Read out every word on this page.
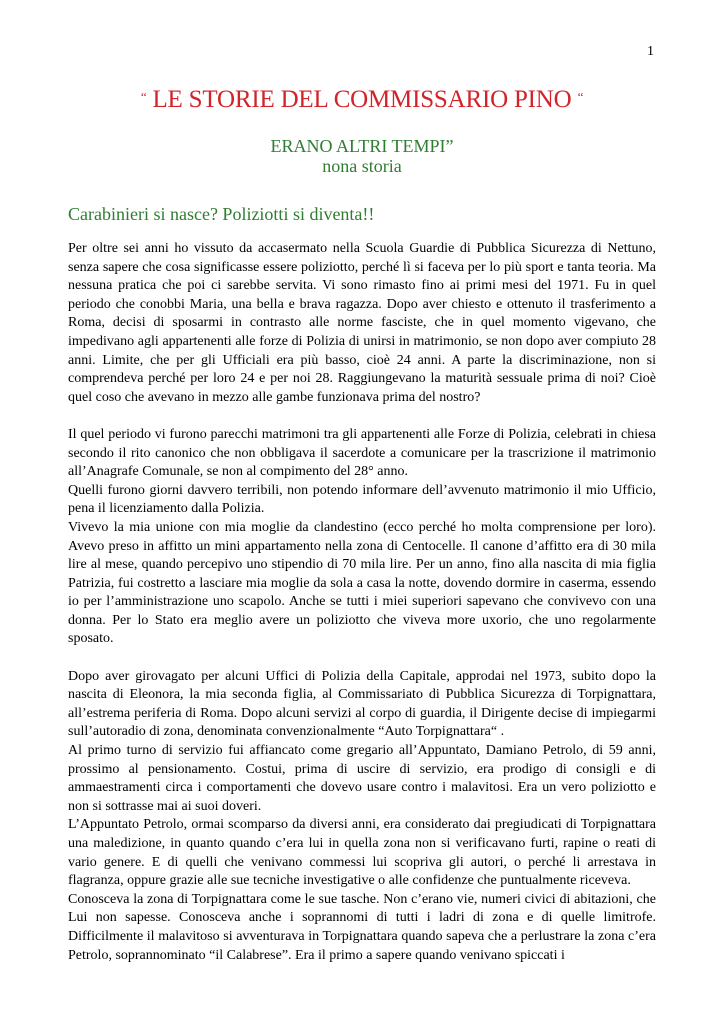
1
“ LE STORIE DEL COMMISSARIO PINO “
ERANO ALTRI TEMPI”
nona storia
Carabinieri si nasce? Poliziotti si diventa!!

Per oltre sei anni ho vissuto da accasermato nella Scuola Guardie di Pubblica Sicurezza di Nettuno, senza sapere che cosa significasse essere poliziotto, perché lì si faceva per lo più sport e tanta teoria. Ma nessuna pratica che poi ci sarebbe servita. Vi sono rimasto fino ai primi mesi del 1971. Fu in quel periodo che conobbi Maria, una bella e brava ragazza. Dopo aver chiesto e ottenuto il trasferimento a Roma, decisi di sposarmi in contrasto alle norme fasciste, che in quel momento vigevano, che impedivano agli appartenenti alle forze di Polizia di unirsi in matrimonio, se non dopo aver compiuto 28 anni. Limite, che per gli Ufficiali era più basso, cioè 24 anni. A parte la discriminazione, non si comprendeva perché per loro 24 e per noi 28. Raggiungevano la maturità sessuale prima di noi? Cioè quel coso che avevano in mezzo alle gambe funzionava prima del nostro?

Il quel periodo vi furono parecchi matrimoni tra gli appartenenti alle Forze di Polizia, celebrati in chiesa secondo il rito canonico che non obbligava il sacerdote a comunicare per la trascrizione il matrimonio all’Anagrafe Comunale, se non al compimento del 28° anno.

Quelli furono giorni davvero terribili, non potendo informare dell’avvenuto matrimonio il mio Ufficio, pena il licenziamento dalla Polizia.

Vivevo la mia unione con mia moglie da clandestino (ecco perché ho molta comprensione per loro). Avevo preso in affitto un mini appartamento nella zona di Centocelle. Il canone d’affitto era di 30 mila lire al mese, quando percepivo uno stipendio di 70 mila lire. Per un anno, fino alla nascita di mia figlia Patrizia, fui costretto a lasciare mia moglie da sola a casa la notte, dovendo dormire in caserma, essendo io per l’amministrazione uno scapolo. Anche se tutti i miei superiori sapevano che convivevo con una donna. Per lo Stato era meglio avere un poliziotto che viveva more uxorio, che uno regolarmente sposato.

Dopo aver girovagato per alcuni Uffici di Polizia della Capitale, approdai nel 1973, subito dopo la nascita di Eleonora, la mia seconda figlia, al Commissariato di Pubblica Sicurezza di Torpignattara, all’estrema periferia di Roma. Dopo alcuni servizi al corpo di guardia, il Dirigente decise di impiegarmi sull’autoradio di zona, denominata convenzionalmente “Auto Torpignattara“ .

Al primo turno di servizio fui affiancato come gregario all’Appuntato, Damiano Petrolo, di 59 anni, prossimo al pensionamento. Costui, prima di uscire di servizio, era prodigo di consigli e di ammaestramenti circa i comportamenti che dovevo usare contro i malavitosi. Era un vero poliziotto e non si sottrasse mai ai suoi doveri.

L’Appuntato Petrolo, ormai scomparso da diversi anni, era considerato dai pregiudicati di Torpignattara una maledizione, in quanto quando c’era lui in quella zona non si verificavano furti, rapine o reati di vario genere. E di quelli che venivano commessi lui scopriva gli autori, o perché li arrestava in flagranza, oppure grazie alle sue tecniche investigative o alle confidenze che puntualmente riceveva.

Conosceva la zona di Torpignattara come le sue tasche. Non c’erano vie, numeri civici di abitazioni, che Lui non sapesse. Conosceva anche i soprannomi di tutti i ladri di zona e di quelle limitrofe. Difficilmente il malavitoso si avventurava in Torpignattara quando sapeva che a perlustrare la zona c’era Petrolo, soprannominato “il Calabrese”. Era il primo a sapere quando venivano spiccati i
